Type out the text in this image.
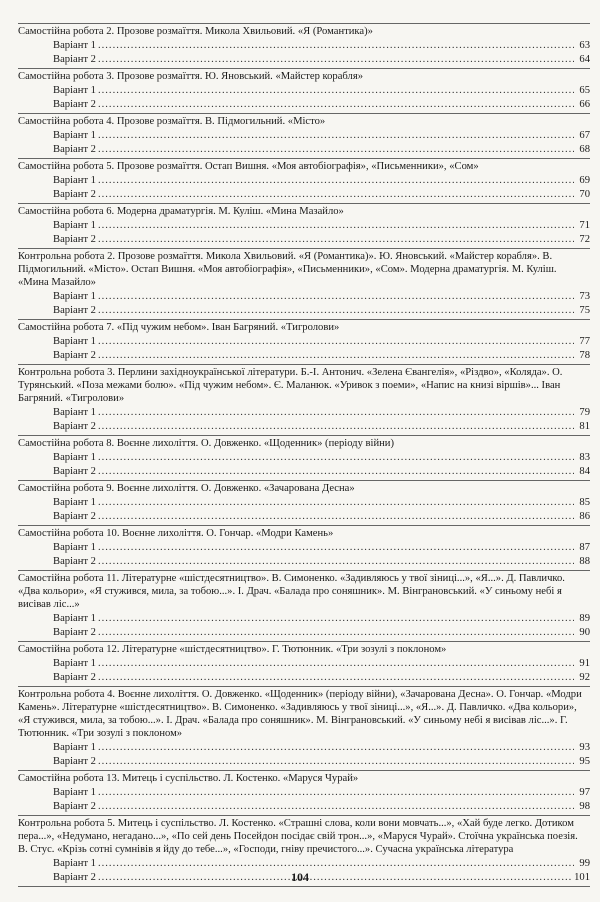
Самостійна робота 2. Прозове розмаїття. Микола Хвильовий. «Я (Романтика)»
Варіант 1 .....	63
Варіант 2 .....	64
Самостійна робота 3. Прозове розмаїття. Ю. Яновський. «Майстер корабля»
Варіант 1 .....	65
Варіант 2 .....	66
Самостійна робота 4. Прозове розмаїття. В. Підмогильний. «Місто»
Варіант 1 .....	67
Варіант 2 .....	68
Самостійна робота 5. Прозове розмаїття. Остап Вишня. «Моя автобіографія», «Письменники», «Сом»
Варіант 1 .....	69
Варіант 2 .....	70
Самостійна робота 6. Модерна драматургія. М. Куліш. «Мина Мазайло»
Варіант 1 .....	71
Варіант 2 .....	72
Контрольна робота 2. Прозове розмаїття. Микола Хвильовий. «Я (Романтика)». Ю. Яновський. «Майстер корабля». В. Підмогильний. «Місто». Остап Вишня. «Моя автобіографія», «Письменники», «Сом». Модерна драматургія. М. Куліш. «Мина Мазайло»
Варіант 1 .....	73
Варіант 2 .....	75
Самостійна робота 7. «Під чужим небом». Іван Багряний. «Тигролови»
Варіант 1 .....	77
Варіант 2 .....	78
Контрольна робота 3. Перлини західноукраїнської літератури. Б.-І. Антонич. «Зелена Євангелія», «Різдво», «Коляда». О. Турянський. «Поза межами болю». «Під чужим небом». Є. Маланюк. «Уривок з поеми», «Напис на книзі віршів»... Іван Багряний. «Тигролови»
Варіант 1 .....	79
Варіант 2 .....	81
Самостійна робота 8. Воєнне лихоліття. О. Довженко. «Щоденник» (періоду війни)
Варіант 1 .....	83
Варіант 2 .....	84
Самостійна робота 9. Воєнне лихоліття. О. Довженко. «Зачарована Десна»
Варіант 1 .....	85
Варіант 2 .....	86
Самостійна робота 10. Воєнне лихоліття. О. Гончар. «Модри Камень»
Варіант 1 .....	87
Варіант 2 .....	88
Самостійна робота 11. Літературне «шістдесятництво». В. Симоненко. «Задивляюсь у твої зіниці...», «Я...». Д. Павличко. «Два кольори», «Я стужився, мила, за тобою...». І. Драч. «Балада про соняшник». М. Вінграновський. «У синьому небі я висівав ліс...»
Варіант 1 .....	89
Варіант 2 .....	90
Самостійна робота 12. Літературне «шістдесятництво». Г. Тютюнник. «Три зозулі з поклоном»
Варіант 1 .....	91
Варіант 2 .....	92
Контрольна робота 4. Воєнне лихоліття. О. Довженко. «Щоденник» (періоду війни), «Зачарована Десна». О. Гончар. «Модри Камень». Літературне «шістдесятництво». В. Симоненко. «Задивляюсь у твої зіниці...», «Я...». Д. Павличко. «Два кольори», «Я стужився, мила, за тобою...». І. Драч. «Балада про соняшник». М. Вінграновський. «У синьому небі я висівав ліс...». Г. Тютюнник. «Три зозулі з поклоном»
Варіант 1 .....	93
Варіант 2 .....	95
Самостійна робота 13. Митець і суспільство. Л. Костенко. «Маруся Чурай»
Варіант 1 .....	97
Варіант 2 .....	98
Контрольна робота 5. Митець і суспільство. Л. Костенко. «Страшні слова, коли вони мовчать...», «Хай буде легко. Дотиком пера...», «Недумано, негадано...», «По сей день Посейдон посідає свій трон...», «Маруся Чурай». Стоїчна українська поезія. В. Стус. «Крізь сотні сумнівів я йду до тебе...», «Господи, гніву пречистого...». Сучасна українська література
Варіант 1 .....	99
Варіант 2 .....	101
104
